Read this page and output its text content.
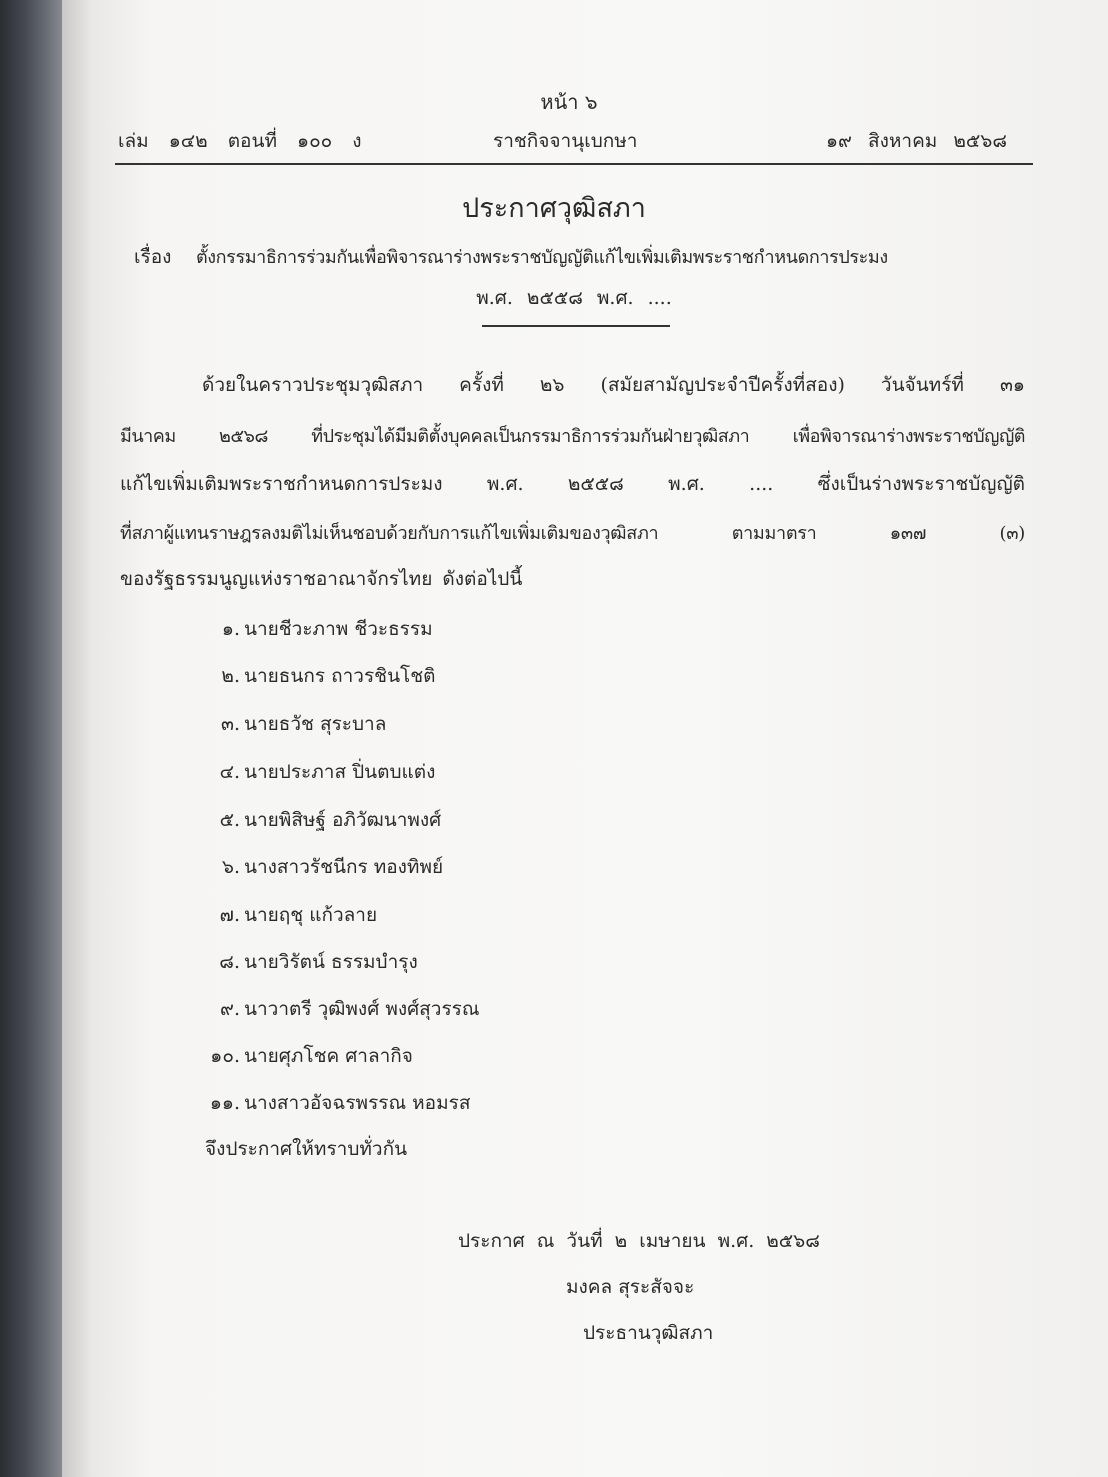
หน้า ๖
เล่ม ๑๔๒ ตอนที่ ๑๐๐ ง	ราชกิจจานุเบกษา	๑๙ สิงหาคม ๒๕๖๘
ประกาศวุฒิสภา
เรื่อง ตั้งกรรมาธิการร่วมกันเพื่อพิจารณาร่างพระราชบัญญัติแก้ไขเพิ่มเติมพระราชกำหนดการประมง
พ.ศ. ๒๕๕๘ พ.ศ. ....
ด้วยในคราวประชุมวุฒิสภา ครั้งที่ ๒๖ (สมัยสามัญประจำปีครั้งที่สอง) วันจันทร์ที่ ๓๑
มีนาคม ๒๕๖๘ ที่ประชุมได้มีมติตั้งบุคคลเป็นกรรมาธิการร่วมกันฝ่ายวุฒิสภา เพื่อพิจารณาร่างพระราชบัญญัติ
แก้ไขเพิ่มเติมพระราชกำหนดการประมง พ.ศ. ๒๕๕๘ พ.ศ. .... ซึ่งเป็นร่างพระราชบัญญัติ
ที่สภาผู้แทนราษฎรลงมติไม่เห็นชอบด้วยกับการแก้ไขเพิ่มเติมของวุฒิสภา ตามมาตรา ๑๓๗ (๓)
ของรัฐธรรมนูญแห่งราชอาณาจักรไทย ดังต่อไปนี้
๑. นายชีวะภาพ ชีวะธรรม
๒. นายธนกร ถาวรชินโชติ
๓. นายธวัช สุระบาล
๔. นายประภาส ปิ่นตบแต่ง
๕. นายพิสิษฐ์ อภิวัฒนาพงศ์
๖. นางสาวรัชนีกร ทองทิพย์
๗. นายฤชุ แก้วลาย
๘. นายวิรัตน์ ธรรมบำรุง
๙. นาวาตรี วุฒิพงศ์ พงศ์สุวรรณ
๑๐. นายศุภโชค ศาลากิจ
๑๑. นางสาวอัจฉรพรรณ หอมรส
จึงประกาศให้ทราบทั่วกัน
ประกาศ ณ วันที่ ๒ เมษายน พ.ศ. ๒๕๖๘
มงคล สุระสัจจะ
ประธานวุฒิสภา
